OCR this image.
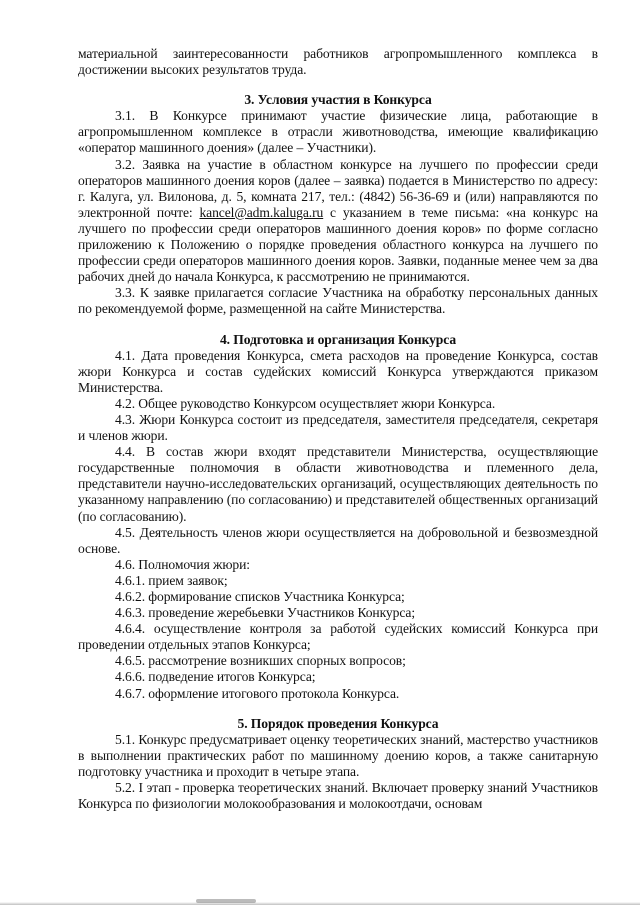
материальной заинтересованности работников агропромышленного комплекса в достижении высоких результатов труда.

3. Условия участия в Конкурса

3.1. В Конкурсе принимают участие физические лица, работающие в агропромышленном комплексе в отрасли животноводства, имеющие квалификацию «оператор машинного доения» (далее – Участники).

3.2. Заявка на участие в областном конкурсе на лучшего по профессии среди операторов машинного доения коров (далее – заявка) подается в Министерство по адресу: г. Калуга, ул. Вилонова, д. 5, комната 217, тел.: (4842) 56-36-69 и (или) направляются по электронной почте: kancel@adm.kaluga.ru с указанием в теме письма: «на конкурс на лучшего по профессии среди операторов машинного доения коров» по форме согласно приложению к Положению о порядке проведения областного конкурса на лучшего по профессии среди операторов машинного доения коров. Заявки, поданные менее чем за два рабочих дней до начала Конкурса, к рассмотрению не принимаются.

3.3. К заявке прилагается согласие Участника на обработку персональных данных по рекомендуемой форме, размещенной на сайте Министерства.

4. Подготовка и организация Конкурса

4.1. Дата проведения Конкурса, смета расходов на проведение Конкурса, состав жюри Конкурса и состав судейских комиссий Конкурса утверждаются приказом Министерства.

4.2. Общее руководство Конкурсом осуществляет жюри Конкурса.

4.3. Жюри Конкурса состоит из председателя, заместителя председателя, секретаря и членов жюри.

4.4. В состав жюри входят представители Министерства, осуществляющие государственные полномочия в области животноводства и племенного дела, представители научно-исследовательских организаций, осуществляющих деятельность по указанному направлению (по согласованию) и представителей общественных организаций (по согласованию).

4.5. Деятельность членов жюри осуществляется на добровольной и безвозмездной основе.

4.6. Полномочия жюри:

4.6.1. прием заявок;

4.6.2. формирование списков Участника Конкурса;

4.6.3. проведение жеребьевки Участников Конкурса;

4.6.4. осуществление контроля за работой судейских комиссий Конкурса при проведении отдельных этапов Конкурса;

4.6.5. рассмотрение возникших спорных вопросов;

4.6.6. подведение итогов Конкурса;

4.6.7. оформление итогового протокола Конкурса.

5. Порядок проведения Конкурса

5.1. Конкурс предусматривает оценку теоретических знаний, мастерство участников в выполнении практических работ по машинному доению коров, а также санитарную подготовку участника и проходит в четыре этапа.

5.2. I этап - проверка теоретических знаний. Включает проверку знаний Участников Конкурса по физиологии молокообразования и молокоотдачи, основам
